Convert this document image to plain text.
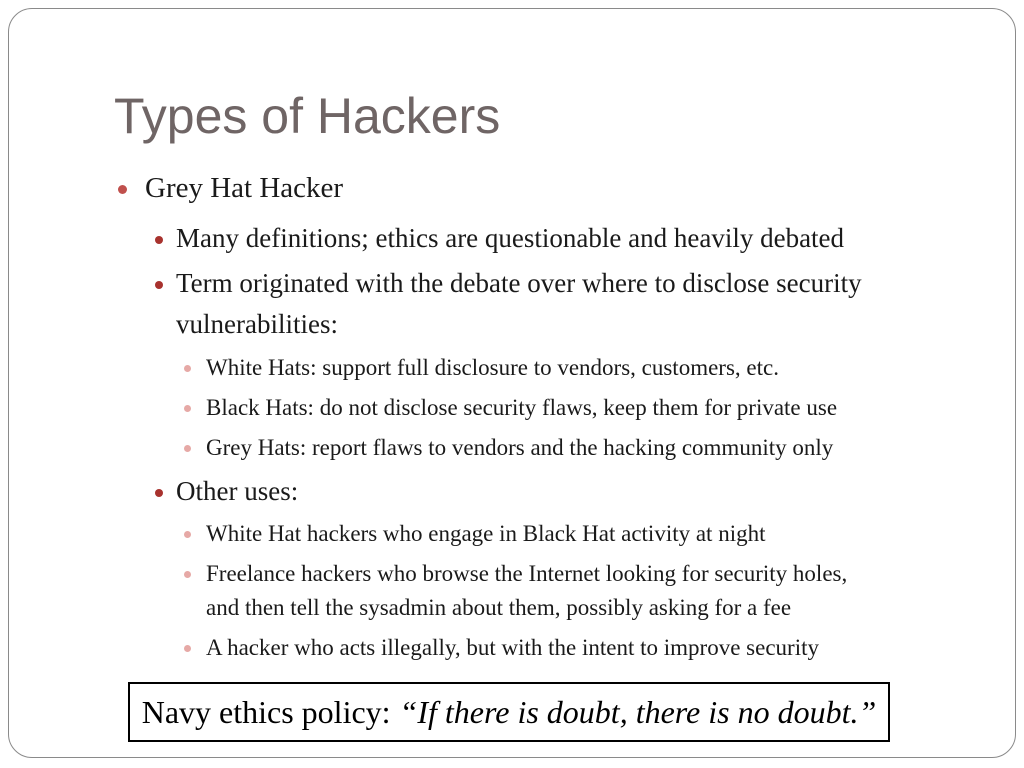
Types of Hackers
Grey Hat Hacker
Many definitions; ethics are questionable and heavily debated
Term originated with the debate over where to disclose security
vulnerabilities:
White Hats: support full disclosure to vendors, customers, etc.
Black Hats: do not disclose security flaws, keep them for private use
Grey Hats: report flaws to vendors and the hacking community only
Other uses:
White Hat hackers who engage in Black Hat activity at night
Freelance hackers who browse the Internet looking for security holes,
and then tell the sysadmin about them, possibly asking for a fee
A hacker who acts illegally, but with the intent to improve security
Navy ethics policy: “If there is doubt, there is no doubt.”
